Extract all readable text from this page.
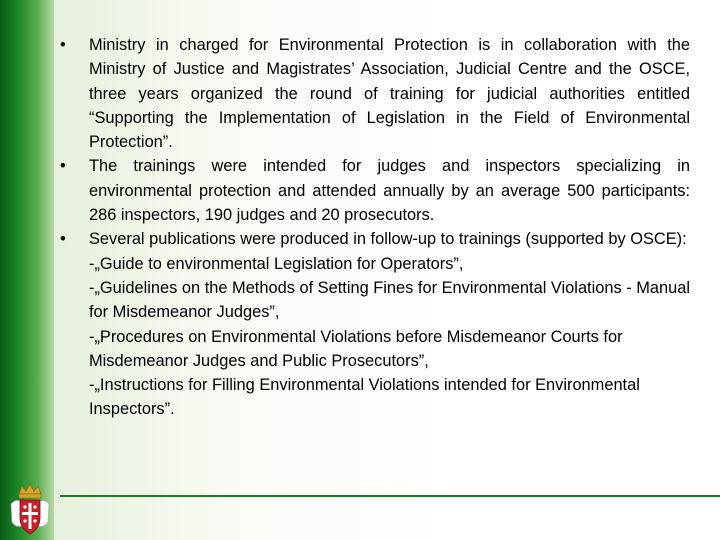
•	Ministry in charged for Environmental Protection is in collaboration with the Ministry of Justice and Magistrates’ Association, Judicial Centre and the OSCE, three years organized the round of training for judicial authorities entitled “Supporting the Implementation of Legislation in the Field of Environmental Protection”.
•	The trainings were intended for judges and inspectors specializing in environmental protection and attended annually by an average 500 participants: 286 inspectors, 190 judges and 20 prosecutors.
•	Several publications were produced in follow-up to trainings (supported by OSCE):
-„Guide to environmental Legislation for Operators”,
-„Guidelines on the Methods of Setting Fines for Environmental Violations - Manual for Misdemeanor Judges”,
-„Procedures on Environmental Violations before Misdemeanor Courts for Misdemeanor Judges and Public Prosecutors”,
-„Instructions for Filling Environmental Violations intended for Environmental Inspectors”.
